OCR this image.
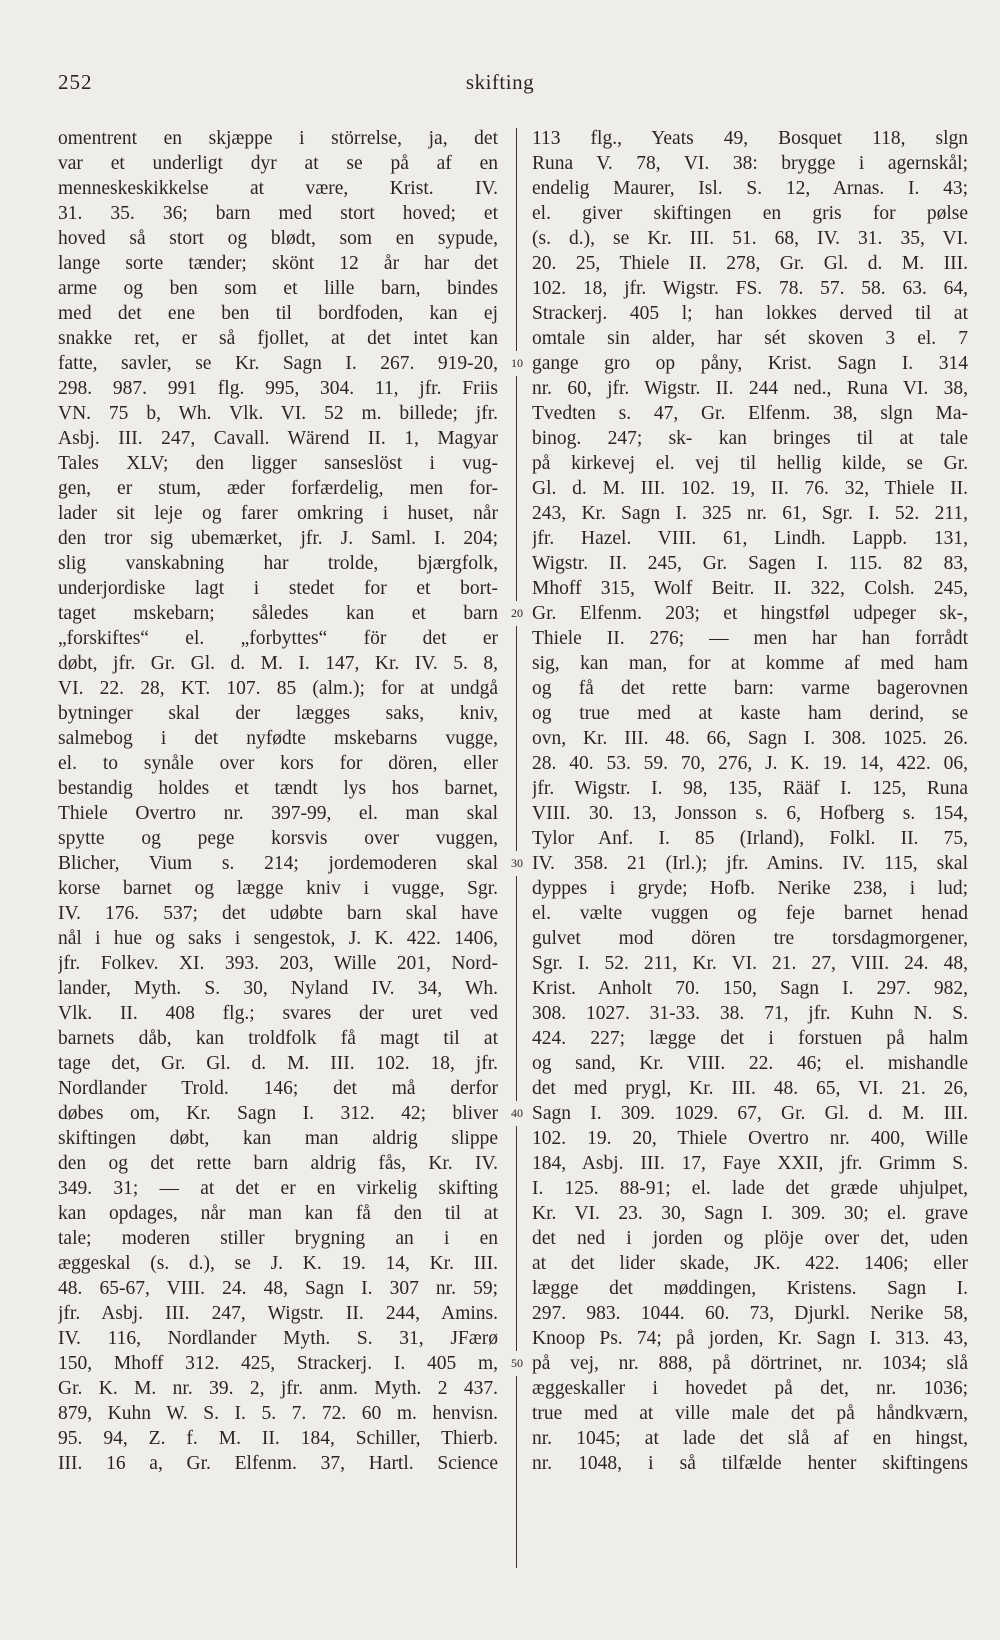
252	skifting
omentrent en skjæppe i störrelse, ja, det
var et underligt dyr at se på af en
menneskeskikkelse at være, Krist. IV.
31. 35. 36; barn med stort hoved; et
hoved så stort og blødt, som en sypude,
lange sorte tænder; skönt 12 år har det
arme og ben som et lille barn, bindes
med det ene ben til bordfoden, kan ej
snakke ret, er så fjollet, at det intet kan
fatte, savler, se Kr. Sagn I. 267. 919-20,
298. 987. 991 flg. 995, 304. 11, jfr. Friis
VN. 75 b, Wh. Vlk. VI. 52 m. billede; jfr.
Asbj. III. 247, Cavall. Wärend II. 1, Magyar
Tales XLV; den ligger sanseslöst i vug-
gen, er stum, æder forfærdelig, men for-
lader sit leje og farer omkring i huset, når
den tror sig ubemærket, jfr. J. Saml. I. 204;
slig vanskabning har trolde, bjærgfolk,
underjordiske lagt i stedet for et bort-
taget mskebarn; således kan et barn
„forskiftes“ el. „forbyttes“ för det er
døbt, jfr. Gr. Gl. d. M. I. 147, Kr. IV. 5. 8,
VI. 22. 28, KT. 107. 85 (alm.); for at undgå
bytninger skal der lægges saks, kniv,
salmebog i det nyfødte mskebarns vugge,
el. to synåle over kors for dören, eller
bestandig holdes et tændt lys hos barnet,
Thiele Overtro nr. 397-99, el. man skal
spytte og pege korsvis over vuggen,
Blicher, Vium s. 214; jordemoderen skal
korse barnet og lægge kniv i vugge, Sgr.
IV. 176. 537; det udøbte barn skal have
nål i hue og saks i sengestok, J. K. 422. 1406,
jfr. Folkev. XI. 393. 203, Wille 201, Nord-
lander, Myth. S. 30, Nyland IV. 34, Wh.
Vlk. II. 408 flg.; svares der uret ved
barnets dåb, kan troldfolk få magt til at
tage det, Gr. Gl. d. M. III. 102. 18, jfr.
Nordlander Trold. 146; det må derfor
døbes om, Kr. Sagn I. 312. 42; bliver
skiftingen døbt, kan man aldrig slippe
den og det rette barn aldrig fås, Kr. IV.
349. 31; — at det er en virkelig skifting
kan opdages, når man kan få den til at
tale; moderen stiller brygning an i en
æggeskal (s. d.), se J. K. 19. 14, Kr. III.
48. 65-67, VIII. 24. 48, Sagn I. 307 nr. 59;
jfr. Asbj. III. 247, Wigstr. II. 244, Amins.
IV. 116, Nordlander Myth. S. 31, JFærø
150, Mhoff 312. 425, Strackerj. I. 405 m,
Gr. K. M. nr. 39. 2, jfr. anm. Myth. 2 437.
879, Kuhn W. S. I. 5. 7. 72. 60 m. henvisn.
95. 94, Z. f. M. II. 184, Schiller, Thierb.
III. 16 a, Gr. Elfenm. 37, Hartl. Science
113 flg., Yeats 49, Bosquet 118, slgn
Runa V. 78, VI. 38: brygge i agernskål;
endelig Maurer, Isl. S. 12, Arnas. I. 43;
el. giver skiftingen en gris for pølse
(s. d.), se Kr. III. 51. 68, IV. 31. 35, VI.
20. 25, Thiele II. 278, Gr. Gl. d. M. III.
102. 18, jfr. Wigstr. FS. 78. 57. 58. 63. 64,
Strackerj. 405 l; han lokkes derved til at
omtale sin alder, har sét skoven 3 el. 7
gange gro op påny, Krist. Sagn I. 314
nr. 60, jfr. Wigstr. II. 244 ned., Runa VI. 38,
Tvedten s. 47, Gr. Elfenm. 38, slgn Ma-
binog. 247; sk- kan bringes til at tale
på kirkevej el. vej til hellig kilde, se Gr.
Gl. d. M. III. 102. 19, II. 76. 32, Thiele II.
243, Kr. Sagn I. 325 nr. 61, Sgr. I. 52. 211,
jfr. Hazel. VIII. 61, Lindh. Lappb. 131,
Wigstr. II. 245, Gr. Sagen I. 115. 82 83,
Mhoff 315, Wolf Beitr. II. 322, Colsh. 245,
Gr. Elfenm. 203; et hingstføl udpeger sk-,
Thiele II. 276; — men har han forrådt
sig, kan man, for at komme af med ham
og få det rette barn: varme bagerovnen
og true med at kaste ham derind, se
ovn, Kr. III. 48. 66, Sagn I. 308. 1025. 26.
28. 40. 53. 59. 70, 276, J. K. 19. 14, 422. 06,
jfr. Wigstr. I. 98, 135, Rääf I. 125, Runa
VIII. 30. 13, Jonsson s. 6, Hofberg s. 154,
Tylor Anf. I. 85 (Irland), Folkl. II. 75,
IV. 358. 21 (Irl.); jfr. Amins. IV. 115, skal
dyppes i gryde; Hofb. Nerike 238, i lud;
el. vælte vuggen og feje barnet henad
gulvet mod dören tre torsdagmorgener,
Sgr. I. 52. 211, Kr. VI. 21. 27, VIII. 24. 48,
Krist. Anholt 70. 150, Sagn I. 297. 982,
308. 1027. 31-33. 38. 71, jfr. Kuhn N. S.
424. 227; lægge det i forstuen på halm
og sand, Kr. VIII. 22. 46; el. mishandle
det med prygl, Kr. III. 48. 65, VI. 21. 26,
Sagn I. 309. 1029. 67, Gr. Gl. d. M. III.
102. 19. 20, Thiele Overtro nr. 400, Wille
184, Asbj. III. 17, Faye XXII, jfr. Grimm S.
I. 125. 88-91; el. lade det græde uhjulpet,
Kr. VI. 23. 30, Sagn I. 309. 30; el. grave
det ned i jorden og plöje over det, uden
at det lider skade, JK. 422. 1406; eller
lægge det møddingen, Kristens. Sagn I.
297. 983. 1044. 60. 73, Djurkl. Nerike 58,
Knoop Ps. 74; på jorden, Kr. Sagn I. 313. 43,
på vej, nr. 888, på dörtrinet, nr. 1034; slå
æggeskaller i hovedet på det, nr. 1036;
true med at ville male det på håndkværn,
nr. 1045; at lade det slå af en hingst,
nr. 1048, i så tilfælde henter skiftingens
10
20
30
40
50
